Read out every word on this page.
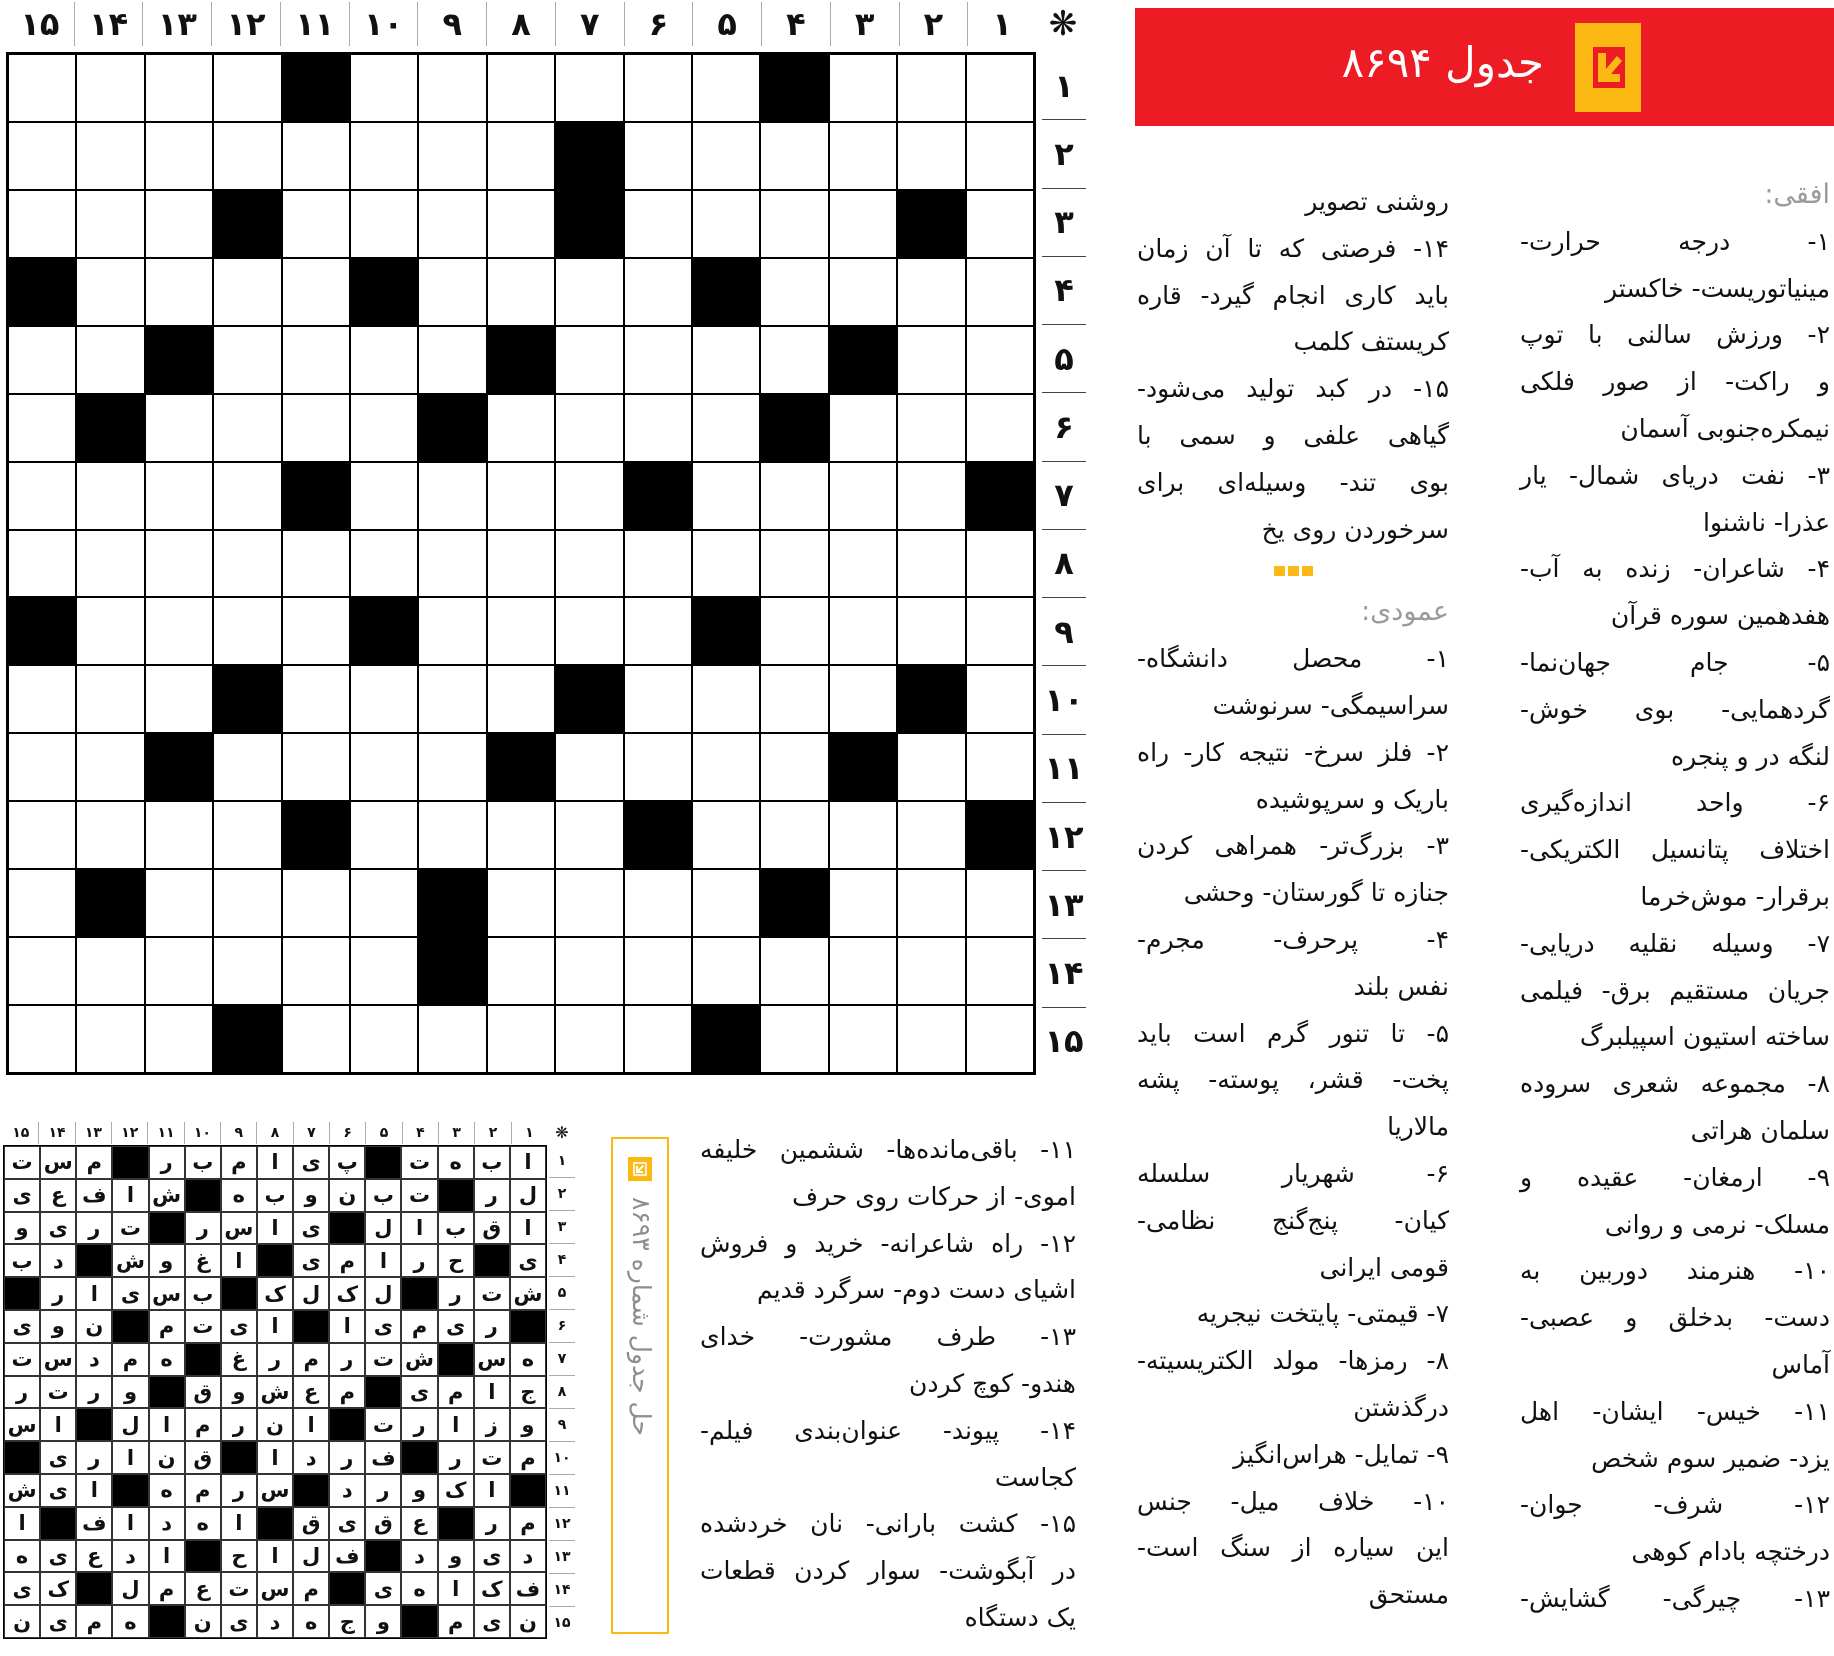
۱
۲
۳
۴
۵
۶
۷
۸
۹
۱۰
۱۱
۱۲
۱۳
۱۴
۱۵	❋
۱
۲
۳
۴
۵
۶
۷
۸
۹
۱۰
۱۱
۱۲
۱۳
۱۴
۱۵
جدول ۸۶۹۴
افقی:
۱- درجه حرارت-
مینیاتوریست- خاکستر
۲- ورزش سالنی با توپ
و راکت- از صور فلکی
نیمکره‌جنوبی آسمان
۳- نفت دریای شمال- یار
عذرا- ناشنوا
۴- شاعران- زنده به آب-
هفدهمین سوره قرآن
۵- جام جهان‌نما-
گردهمایی- بوی خوش-
لنگه در و پنجره
۶- واحد اندازه‌گیری
اختلاف پتانسیل الکتریکی-
برقرار- موش‌خرما
۷- وسیله نقلیه دریایی-
جریان مستقیم برق- فیلمی
ساخته استیون اسپیلبرگ
۸- مجموعه شعری سروده
سلمان هراتی
۹- ارمغان- عقیده و
مسلک- نرمی و روانی
۱۰- هنرمند دوربین به
دست- بدخلق و عصبی-
آماس
۱۱- خیس- ایشان- اهل
یزد- ضمیر سوم شخص
۱۲- شرف- جوان-
درختچه بادام کوهی
۱۳- چیرگی- گشایش-
روشنی تصویر
۱۴- فرصتی که تا آن زمان
باید کاری انجام گیرد- قاره
کریستف کلمب
۱۵- در کبد تولید می‌شود-
گیاهی علفی و سمی با
بوی تند- وسیله‌ای برای
سرخوردن روی یخ
عمودی:
۱- محصل دانشگاه-
سراسیمگی- سرنوشت
۲- فلز سرخ- نتیجه کار- راه
باریک و سرپوشیده
۳- بزرگ‌تر- همراهی کردن
جنازه تا گورستان- وحشی
۴- پرحرف- مجرم-
نفس بلند
۵- تا تنور گرم است باید
پخت- قشر، پوسته- پشه
مالاریا
۶- شهریار سلسله
کیان- پنج‌گنج نظامی-
قومی ایرانی
۷- قیمتی- پایتخت نیجریه
۸- رمزها- مولد الکتریسیته-
درگذشتن
۹- تمایل- هراس‌انگیز
۱۰- خلاف میل- جنس
این سیاره از سنگ است-
مستحق
۱۱- باقی‌مانده‌ها- ششمین خلیفه
اموی- از حرکات روی حرف
۱۲- راه شاعرانه- خرید و فروش
اشیای دست دوم- سرگرد قدیم
۱۳- طرف مشورت- خدای
هندو- کوچ کردن
۱۴- پیوند- عنوان‌بندی فیلم-
کجاست
۱۵- کشت بارانی- نان خردشده
در آبگوشت- سوار کردن قطعات
یک دستگاه
۱
۲
۳
۴
۵
۶
۷
۸
۹
۱۰
۱۱
۱۲
۱۳
۱۴
۱۵	❋
ا
ب
ه
ت
پ
ی
ا
م
ب
ر
م
س
ت
ل
ر
ت
ب
ن
و
ب
ه
ش
ا
ف
ع
ی
ا
ق
ب
ا
ل
ی
ا
س
ر
ت
ر
ی
و
ی
ح
ر
ا
م
ی
ا
غ
و
ش
د
ب
ش
ت
ر
ل
ک
ل
ک
ب
س
ی
ا
ر
ر
ی
م
ی
ا
ا
ی
ت
م
ن
و
ی
ه
س
ش
ت
ر
م
ر
غ
ه
م
د
س
ت
ج
ا
م
ی
م
ع
ش
و
ق
و
ر
ت
ر
و
ز
ا
ر
ت
ا
ن
ر
م
ا
ل
ا
س
م
ت
ر
ف
ر
د
ا
ق
ن
ا
ر
ی
ا
ک
و
ر
د
س
ر
م
ه
ا
ی
ش
م
ر
ع
ق
ی
ق
ا
ه
د
ا
ف
ا
د
ی
و
د
ف
ل
ا
ح
ا
د
ع
ی
ه
ف
ک
ا
ه
ی
م
س
ت
ع
م
ل
ک
ی
ن
ی
م
و
ج
ه
د
ی
ن
ه
م
ی
ن
۱
۲
۳
۴
۵
۶
۷
۸
۹
۱۰
۱۱
۱۲
۱۳
۱۴
۱۵
حل جدول شماره ۸۶۹۳
